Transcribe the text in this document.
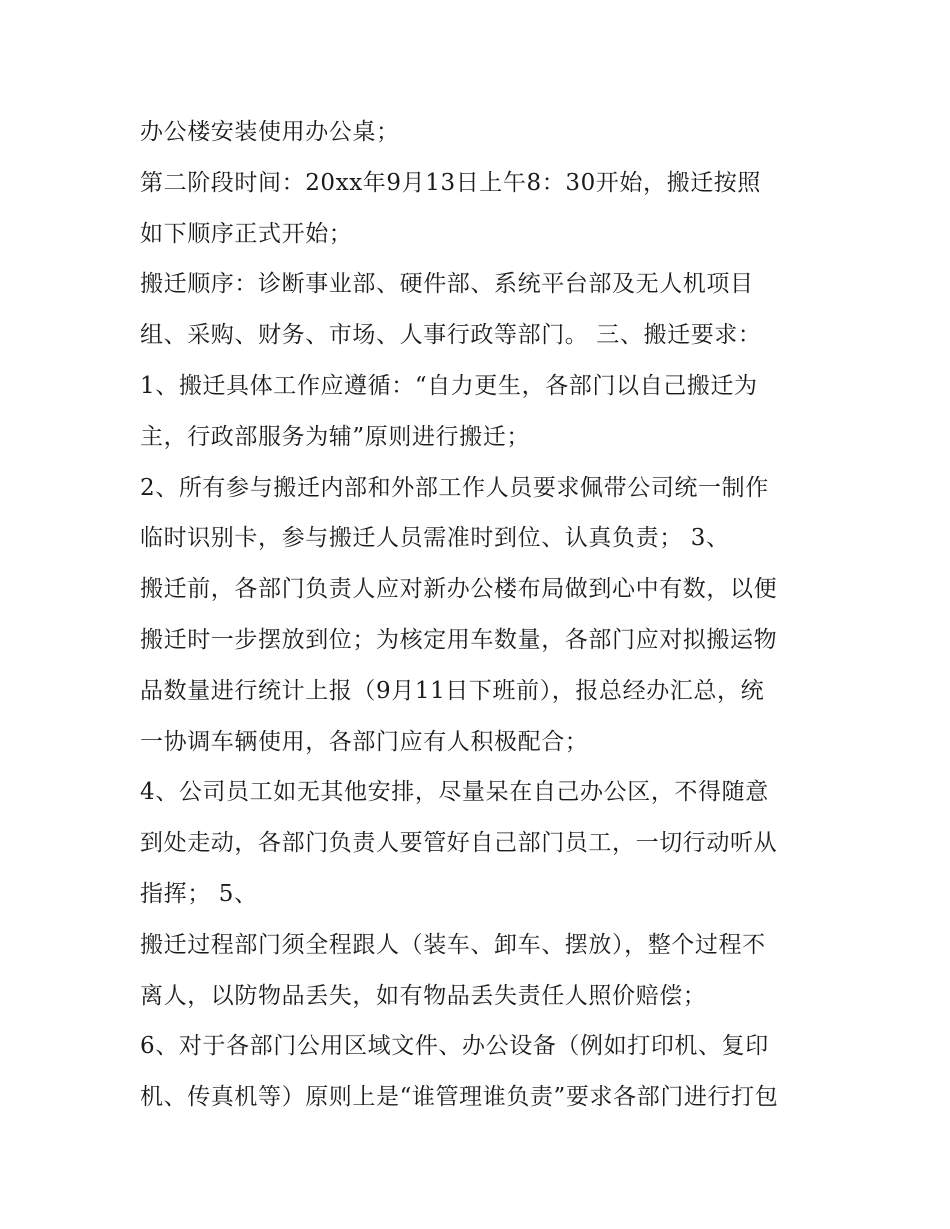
办公楼安装使用办公桌；
第二阶段时间：20xx年9月13日上午8：30开始，搬迁按照
如下顺序正式开始；
搬迁顺序：诊断事业部、硬件部、系统平台部及无人机项目
组、采购、财务、市场、人事行政等部门。 三、搬迁要求：
1、搬迁具体工作应遵循：“自力更生，各部门以自己搬迁为
主，行政部服务为辅”原则进行搬迁；
2、所有参与搬迁内部和外部工作人员要求佩带公司统一制作
临时识别卡，参与搬迁人员需准时到位、认真负责； 3、
搬迁前，各部门负责人应对新办公楼布局做到心中有数，以便
搬迁时一步摆放到位；为核定用车数量，各部门应对拟搬运物
品数量进行统计上报（9月11日下班前），报总经办汇总，统
一协调车辆使用，各部门应有人积极配合；
4、公司员工如无其他安排，尽量呆在自己办公区，不得随意
到处走动，各部门负责人要管好自己部门员工，一切行动听从
指挥； 5、
搬迁过程部门须全程跟人（装车、卸车、摆放），整个过程不
离人，以防物品丢失，如有物品丢失责任人照价赔偿；
6、对于各部门公用区域文件、办公设备（例如打印机、复印
机、传真机等）原则上是“谁管理谁负责”要求各部门进行打包
